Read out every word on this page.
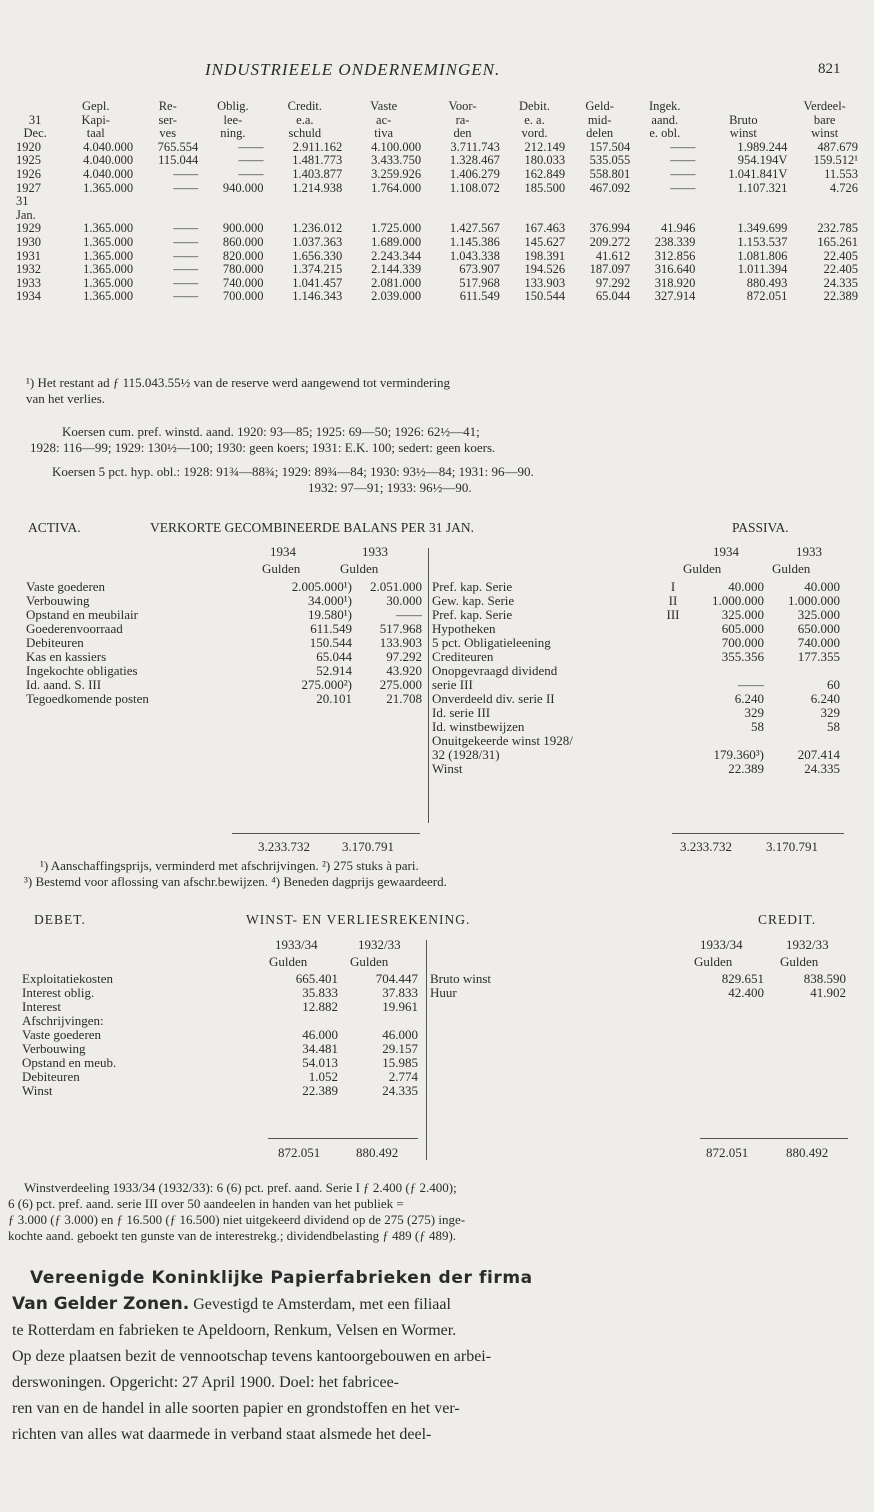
INDUSTRIEELE ONDERNEMINGEN.	821
	Gepl.	Re-	Oblig.	Credit.	Vaste	Voor-	Debit.	Geld-	Ingek.		Verdeel-
31	Kapi-	ser-	lee-	e.a.	ac-	ra-	e. a.	mid-	aand.	Bruto	bare
Dec.	taal	ves	ning.	schuld	tiva	den	vord.	delen	e. obl.	winst	winst
1920	4.040.000	765.554	——	2.911.162	4.100.000	3.711.743	212.149	157.504	——	1.989.244	487.679
1925	4.040.000	115.044	——	1.481.773	3.433.750	1.328.467	180.033	535.055	——	954.194V	159.512¹
1926	4.040.000	——	——	1.403.877	3.259.926	1.406.279	162.849	558.801	——	1.041.841V	11.553
1927	1.365.000	——	940.000	1.214.938	1.764.000	1.108.072	185.500	467.092	——	1.107.321	4.726
31											
Jan.											
1929	1.365.000	——	900.000	1.236.012	1.725.000	1.427.567	167.463	376.994	41.946	1.349.699	232.785
1930	1.365.000	——	860.000	1.037.363	1.689.000	1.145.386	145.627	209.272	238.339	1.153.537	165.261
1931	1.365.000	——	820.000	1.656.330	2.243.344	1.043.338	198.391	41.612	312.856	1.081.806	22.405
1932	1.365.000	——	780.000	1.374.215	2.144.339	673.907	194.526	187.097	316.640	1.011.394	22.405
1933	1.365.000	——	740.000	1.041.457	2.081.000	517.968	133.903	97.292	318.920	880.493	24.335
1934	1.365.000	——	700.000	1.146.343	2.039.000	611.549	150.544	65.044	327.914	872.051	22.389
¹) Het restant ad ƒ 115.043.55½ van de reserve werd aangewend tot vermindering
van het verlies.
Koersen cum. pref. winstd. aand. 1920: 93—85; 1925: 69—50; 1926: 62½—41;
1928: 116—99; 1929: 130½—100; 1930: geen koers; 1931: E.K. 100; sedert: geen koers.
Koersen 5 pct. hyp. obl.: 1928: 91¾—88¾; 1929: 89¾—84; 1930: 93½—84; 1931: 96—90.
1932: 97—91; 1933: 96½—90.
ACTIVA.	VERKORTE GECOMBINEERDE BALANS PER 31 JAN.	PASSIVA.
1934	1933
Gulden	Gulden
1934	1933
Gulden	Gulden
Vaste goederen	2.005.000¹)	2.051.000
Verbouwing	34.000¹)	30.000
Opstand en meubilair	19.580¹)	——
Goederenvoorraad	611.549	517.968
Debiteuren	150.544	133.903
Kas en kassiers	65.044	97.292
Ingekochte obligaties	52.914	43.920
Id. aand. S. III	275.000²)	275.000
Tegoedkomende posten	20.101	21.708
Pref. kap. Serie	I	40.000	40.000
Gew. kap. Serie	II	1.000.000	1.000.000
Pref. kap. Serie	III	325.000	325.000
Hypotheken		605.000	650.000
5 pct. Obligatieleening		700.000	740.000
Crediteuren		355.356	177.355
Onopgevraagd dividend			
serie III		——	60
Onverdeeld div. serie II		6.240	6.240
Id. serie III		329	329
Id. winstbewijzen		58	58
Onuitgekeerde winst 1928/			
32 (1928/31)		179.360³)	207.414
Winst		22.389	24.335
3.233.732 3.170.791	3.233.732	3.170.791
¹) Aanschaffingsprijs, verminderd met afschrijvingen. ²) 275 stuks à pari.
³) Bestemd voor aflossing van afschr.bewijzen. ⁴) Beneden dagprijs gewaardeerd.
DEBET.	WINST- EN VERLIESREKENING.	CREDIT.
1933/34	1932/33
Gulden	Gulden
1933/34	1932/33
Gulden	Gulden
Exploitatiekosten	665.401	704.447
Interest oblig.	35.833	37.833
Interest	12.882	19.961
Afschrijvingen:		
Vaste goederen	46.000	46.000
Verbouwing	34.481	29.157
Opstand en meub.	54.013	15.985
Debiteuren	1.052	2.774
Winst	22.389	24.335
Bruto winst	829.651	838.590
Huur	42.400	41.902
872.051	880.492	872.051	880.492
Winstverdeeling 1933/34 (1932/33): 6 (6) pct. pref. aand. Serie I ƒ 2.400 (ƒ 2.400);
6 (6) pct. pref. aand. serie III over 50 aandeelen in handen van het publiek =
ƒ 3.000 (ƒ 3.000) en ƒ 16.500 (ƒ 16.500) niet uitgekeerd dividend op de 275 (275) inge-
kochte aand. geboekt ten gunste van de interestrekg.; dividendbelasting ƒ 489 (ƒ 489).
Vereenigde Koninklijke Papierfabrieken der firma
Van Gelder Zonen. Gevestigd te Amsterdam, met een filiaal
te Rotterdam en fabrieken te Apeldoorn, Renkum, Velsen en Wormer.
Op deze plaatsen bezit de vennootschap tevens kantoorgebouwen en arbei-
derswoningen. Opgericht: 27 April 1900. Doel: het fabricee-
ren van en de handel in alle soorten papier en grondstoffen en het ver-
richten van alles wat daarmede in verband staat alsmede het deel-
